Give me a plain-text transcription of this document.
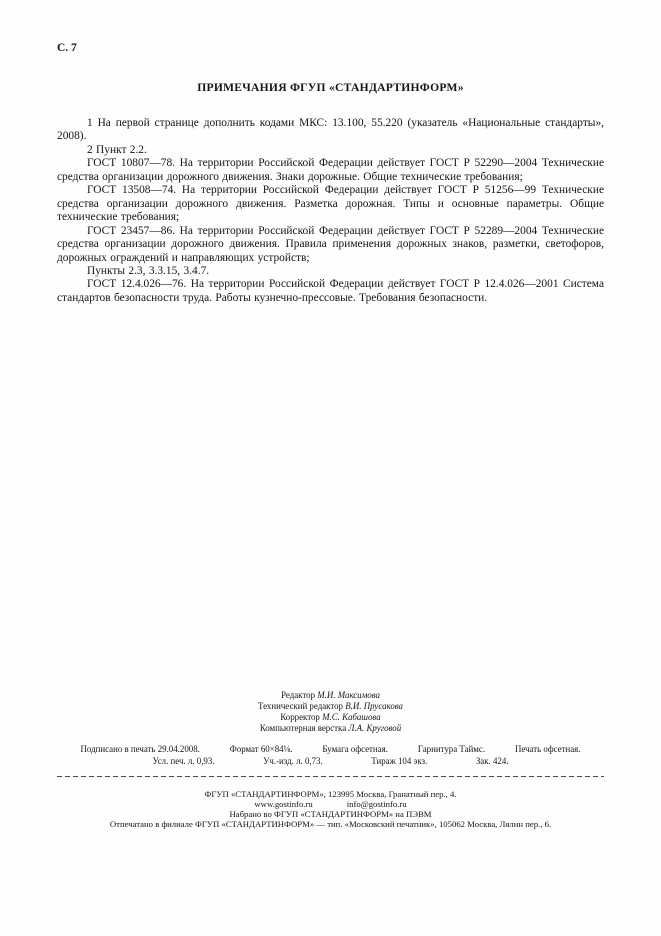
С. 7
ПРИМЕЧАНИЯ ФГУП «СТАНДАРТИНФОРМ»

1 На первой странице дополнить кодами МКС: 13.100, 55.220 (указатель «Национальные стандарты», 2008).

2 Пункт 2.2.

ГОСТ 10807—78. На территории Российской Федерации действует ГОСТ Р 52290—2004 Технические средства организации дорожного движения. Знаки дорожные. Общие технические требования;

ГОСТ 13508—74. На территории Российской Федерации действует ГОСТ Р 51256—99 Технические средства организации дорожного движения. Разметка дорожная. Типы и основные параметры. Общие технические требования;

ГОСТ 23457—86. На территории Российской Федерации действует ГОСТ Р 52289—2004 Технические средства организации дорожного движения. Правила применения дорожных знаков, разметки, светофоров, дорожных ограждений и направляющих устройств;

Пункты 2.3, 3.3.15, 3.4.7.

ГОСТ 12.4.026—76. На территории Российской Федерации действует ГОСТ Р 12.4.026—2001 Система стандартов безопасности труда. Работы кузнечно-прессовые. Требования безопасности.

Редактор М.И. Максимова
Технический редактор В.И. Прусакова
Корректор М.С. Кабашова
Компьютерная верстка Л.А. Круговой
Подписано в печать 29.04.2008.	Формат 60×84⅛.	Бумага офсетная.	Гарнитура Таймс.	Печать офсетная.
Усл. печ. л. 0,93.	Уч.-изд. л. 0,73.	Тираж 104 экз.	Зак. 424.
ФГУП «СТАНДАРТИНФОРМ», 123995 Москва, Гранатный пер., 4.
www.gostinfo.ru	info@gostinfo.ru
Набрано во ФГУП «СТАНДАРТИНФОРМ» на ПЭВМ
Отпечатано в филиале ФГУП «СТАНДАРТИНФОРМ» — тип. «Московский печатник», 105062 Москва, Лялин пер., 6.
